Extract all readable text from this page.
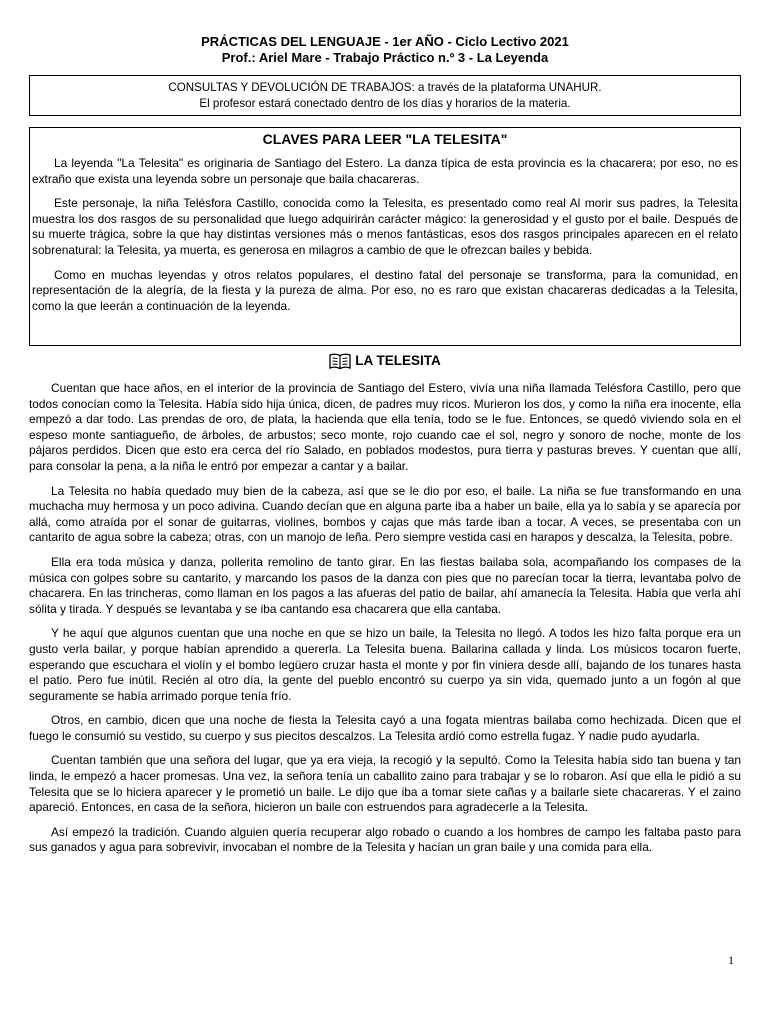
PRÁCTICAS DEL LENGUAJE - 1er AÑO - Ciclo Lectivo 2021
Prof.: Ariel Mare - Trabajo Práctico n.º 3 - La Leyenda
CONSULTAS Y DEVOLUCIÓN DE TRABAJOS: a través de la plataforma UNAHUR.
El profesor estará conectado dentro de los días y horarios de la materia.
CLAVES PARA LEER "LA TELESITA"

La leyenda "La Telesita" es originaria de Santiago del Estero. La danza típica de esta provincia es la chacarera; por eso, no es extraño que exista una leyenda sobre un personaje que baila chacareras.

Este personaje, la niña Telésfora Castillo, conocida como la Telesita, es presentado como real Al morir sus padres, la Telesita muestra los dos rasgos de su personalidad que luego adquirirán carácter mágico: la generosidad y el gusto por el baile. Después de su muerte trágica, sobre la que hay distintas versiones más o menos fantásticas, esos dos rasgos principales aparecen en el relato sobrenatural: la Telesita, ya muerta, es generosa en milagros a cambio de que le ofrezcan bailes y bebida.

Como en muchas leyendas y otros relatos populares, el destino fatal del personaje se transforma, para la comunidad, en representación de la alegría, de la fiesta y la pureza de alma. Por eso, no es raro que existan chacareras dedicadas a la Telesita, como la que leerán a continuación de la leyenda.

LA TELESITA

Cuentan que hace años, en el interior de la provincia de Santiago del Estero, vivía una niña llamada Telésfora Castillo, pero que todos conocían como la Telesita. Había sido hija única, dicen, de padres muy ricos. Murieron los dos, y como la niña era inocente, ella empezó a dar todo. Las prendas de oro, de plata, la hacienda que ella tenía, todo se le fue. Entonces, se quedó viviendo sola en el espeso monte santiagueño, de árboles, de arbustos; seco monte, rojo cuando cae el sol, negro y sonoro de noche, monte de los pájaros perdidos. Dicen que esto era cerca del río Salado, en poblados modestos, pura tierra y pasturas breves. Y cuentan que allí, para consolar la pena, a la niña le entró por empezar a cantar y a bailar.

La Telesita no había quedado muy bien de la cabeza, así que se le dio por eso, el baile. La niña se fue transformando en una muchacha muy hermosa y un poco adivina. Cuando decían que en alguna parte iba a haber un baile, ella ya lo sabía y se aparecía por allá, como atraída por el sonar de guitarras, violines, bombos y cajas que más tarde iban a tocar. A veces, se presentaba con un cantarito de agua sobre la cabeza; otras, con un manojo de leña. Pero siempre vestida casi en harapos y descalza, la Telesita, pobre.

Ella era toda música y danza, pollerita remolino de tanto girar. En las fiestas bailaba sola, acompañando los compases de la música con golpes sobre su cantarito, y marcando los pasos de la danza con pies que no parecían tocar la tierra, levantaba polvo de chacarera. En las trincheras, como llaman en los pagos a las afueras del patio de bailar, ahí amanecía la Telesita. Había que verla ahí sólita y tirada. Y después se levantaba y se iba cantando esa chacarera que ella cantaba.

Y he aquí que algunos cuentan que una noche en que se hizo un baile, la Telesita no llegó. A todos les hizo falta porque era un gusto verla bailar, y porque habían aprendido a quererla. La Telesita buena. Bailarina callada y linda. Los músicos tocaron fuerte, esperando que escuchara el violín y el bombo legüero cruzar hasta el monte y por fin viniera desde allí, bajando de los tunares hasta el patio. Pero fue inútil. Recién al otro día, la gente del pueblo encontró su cuerpo ya sin vida, quemado junto a un fogón al que seguramente se había arrimado porque tenía frío.

Otros, en cambio, dicen que una noche de fiesta la Telesita cayó a una fogata mientras bailaba como hechizada. Dicen que el fuego le consumió su vestido, su cuerpo y sus piecitos descalzos. La Telesita ardió como estrella fugaz. Y nadie pudo ayudarla.

Cuentan también que una señora del lugar, que ya era vieja, la recogió y la sepultó. Como la Telesita había sido tan buena y tan linda, le empezó a hacer promesas. Una vez, la señora tenía un caballito zaino para trabajar y se lo robaron. Así que ella le pidió a su Telesita que se lo hiciera aparecer y le prometió un baile. Le dijo que iba a tomar siete cañas y a bailarle siete chacareras. Y el zaino apareció. Entonces, en casa de la señora, hicieron un baile con estruendos para agradecerle a la Telesita.

Así empezó la tradición. Cuando alguien quería recuperar algo robado o cuando a los hombres de campo les faltaba pasto para sus ganados y agua para sobrevivir, invocaban el nombre de la Telesita y hacían un gran baile y una comida para ella.

1
